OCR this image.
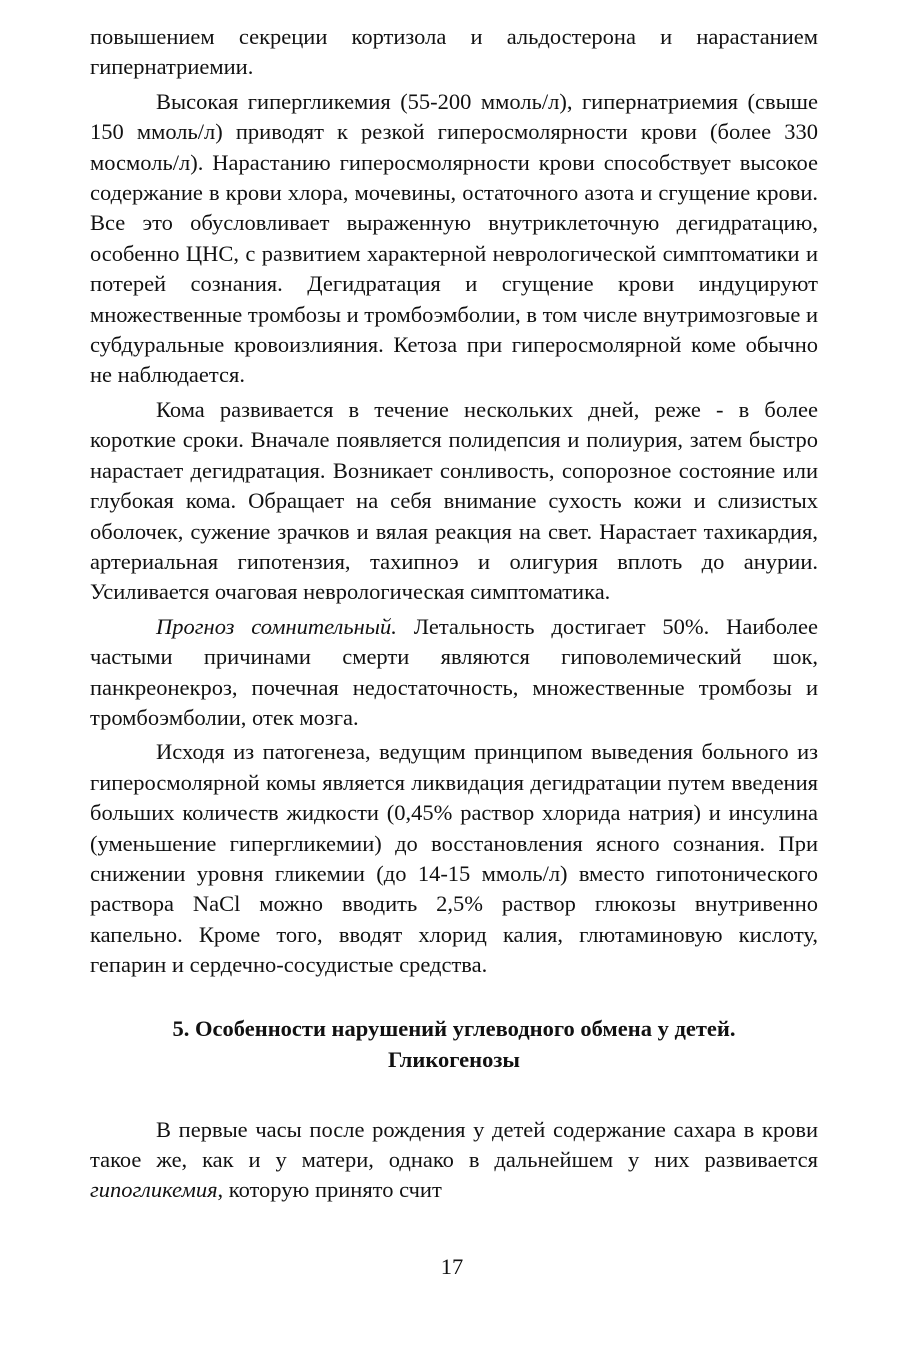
повышением секреции кортизола и альдостерона и нарастанием гипернатриемии.

Высокая гипергликемия (55-200 ммоль/л), гипернатриемия (свыше 150 ммоль/л) приводят к резкой гиперосмолярности крови (более 330 мосмоль/л). Нарастанию гиперосмолярности крови способствует высокое содержание в крови хлора, мочевины, остаточного азота и сгущение крови. Все это обусловливает выраженную внутриклеточную дегидратацию, особенно ЦНС, с развитием характерной неврологической симптоматики и потерей сознания. Дегидратация и сгущение крови индуцируют множественные тромбозы и тромбоэмболии, в том числе внутримозговые и субдуральные кровоизлияния. Кетоза при гиперосмолярной коме обычно не наблюдается.

Кома развивается в течение нескольких дней, реже - в более короткие сроки. Вначале появляется полидепсия и полиурия, затем быстро нарастает дегидратация. Возникает сонливость, сопорозное состояние или глубокая кома. Обращает на себя внимание сухость кожи и слизистых оболочек, сужение зрачков и вялая реакция на свет. Нарастает тахикардия, артериальная гипотензия, тахипноэ и олигурия вплоть до анурии. Усиливается очаговая неврологическая симптоматика.

Прогноз сомнительный. Летальность достигает 50%. Наиболее частыми причинами смерти являются гиповолемический шок, панкреонекроз, почечная недостаточность, множественные тромбозы и тромбоэмболии, отек мозга.

Исходя из патогенеза, ведущим принципом выведения больного из гиперосмолярной комы является ликвидация дегидратации путем введения больших количеств жидкости (0,45% раствор хлорида натрия) и инсулина (уменьшение гипергликемии) до восстановления ясного сознания. При снижении уровня гликемии (до 14-15 ммоль/л) вместо гипотонического раствора NaCl можно вводить 2,5% раствор глюкозы внутривенно капельно. Кроме того, вводят хлорид калия, глютаминовую кислоту, гепарин и сердечно-сосудистые средства.

5. Особенности нарушений углеводного обмена у детей.
Гликогенозы

В первые часы после рождения у детей содержание сахара в крови такое же, как и у матери, однако в дальнейшем у них развивается гипогликемия, которую принято счит

17
